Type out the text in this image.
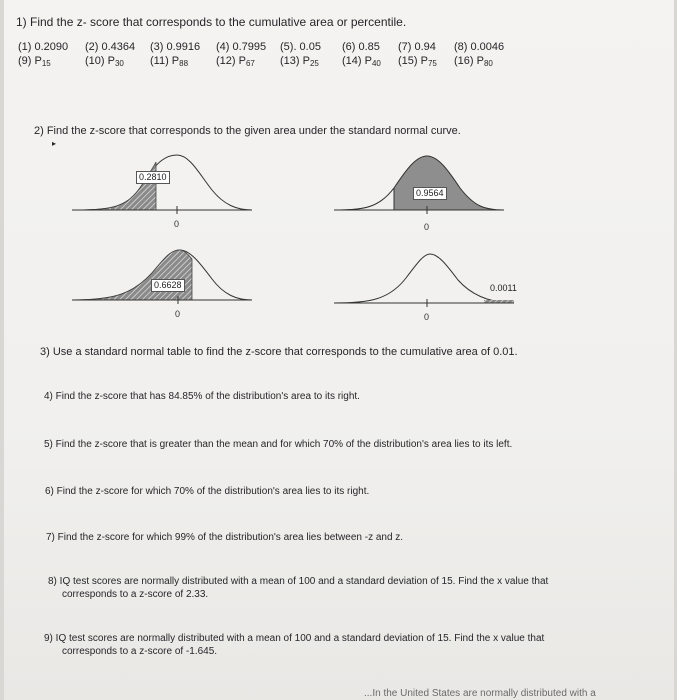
1) Find the z- score that corresponds to the cumulative area or percentile.
(1) 0.2090 (2) 0.4364 (3) 0.9916 (4) 0.7995 (5). 0.05 (6) 0.85 (7) 0.94 (8) 0.0046
(9) $P_{15}$	(10) $P_{30}$ (11) $P_{88}$	(12) $P_{67}$ (13) $P_{25}$ (14) $P_{40}$ (15) $P_{75}$ (16) $P_{80}$
2) Find the z-score that corresponds to the given area under the standard normal curve.
▸
0.2810
0
0.9564
0
0.6628
0
0.0011
0
3) Use a standard normal table to find the z-score that corresponds to the cumulative area of 0.01.
4) Find the z-score that has 84.85% of the distribution's area to its right.
5) Find the z-score that is greater than the mean and for which 70% of the distribution's area lies to its left.
6) Find the z-score for which 70% of the distribution's area lies to its right.
7) Find the z-score for which 99% of the distribution's area lies between -z and z.
8) IQ test scores are normally distributed with a mean of 100 and a standard deviation of 15. Find the x value that
corresponds to a z-score of 2.33.
9) IQ test scores are normally distributed with a mean of 100 and a standard deviation of 15. Find the x value that
corresponds to a z-score of -1.645.
...In the United States are normally distributed with a
